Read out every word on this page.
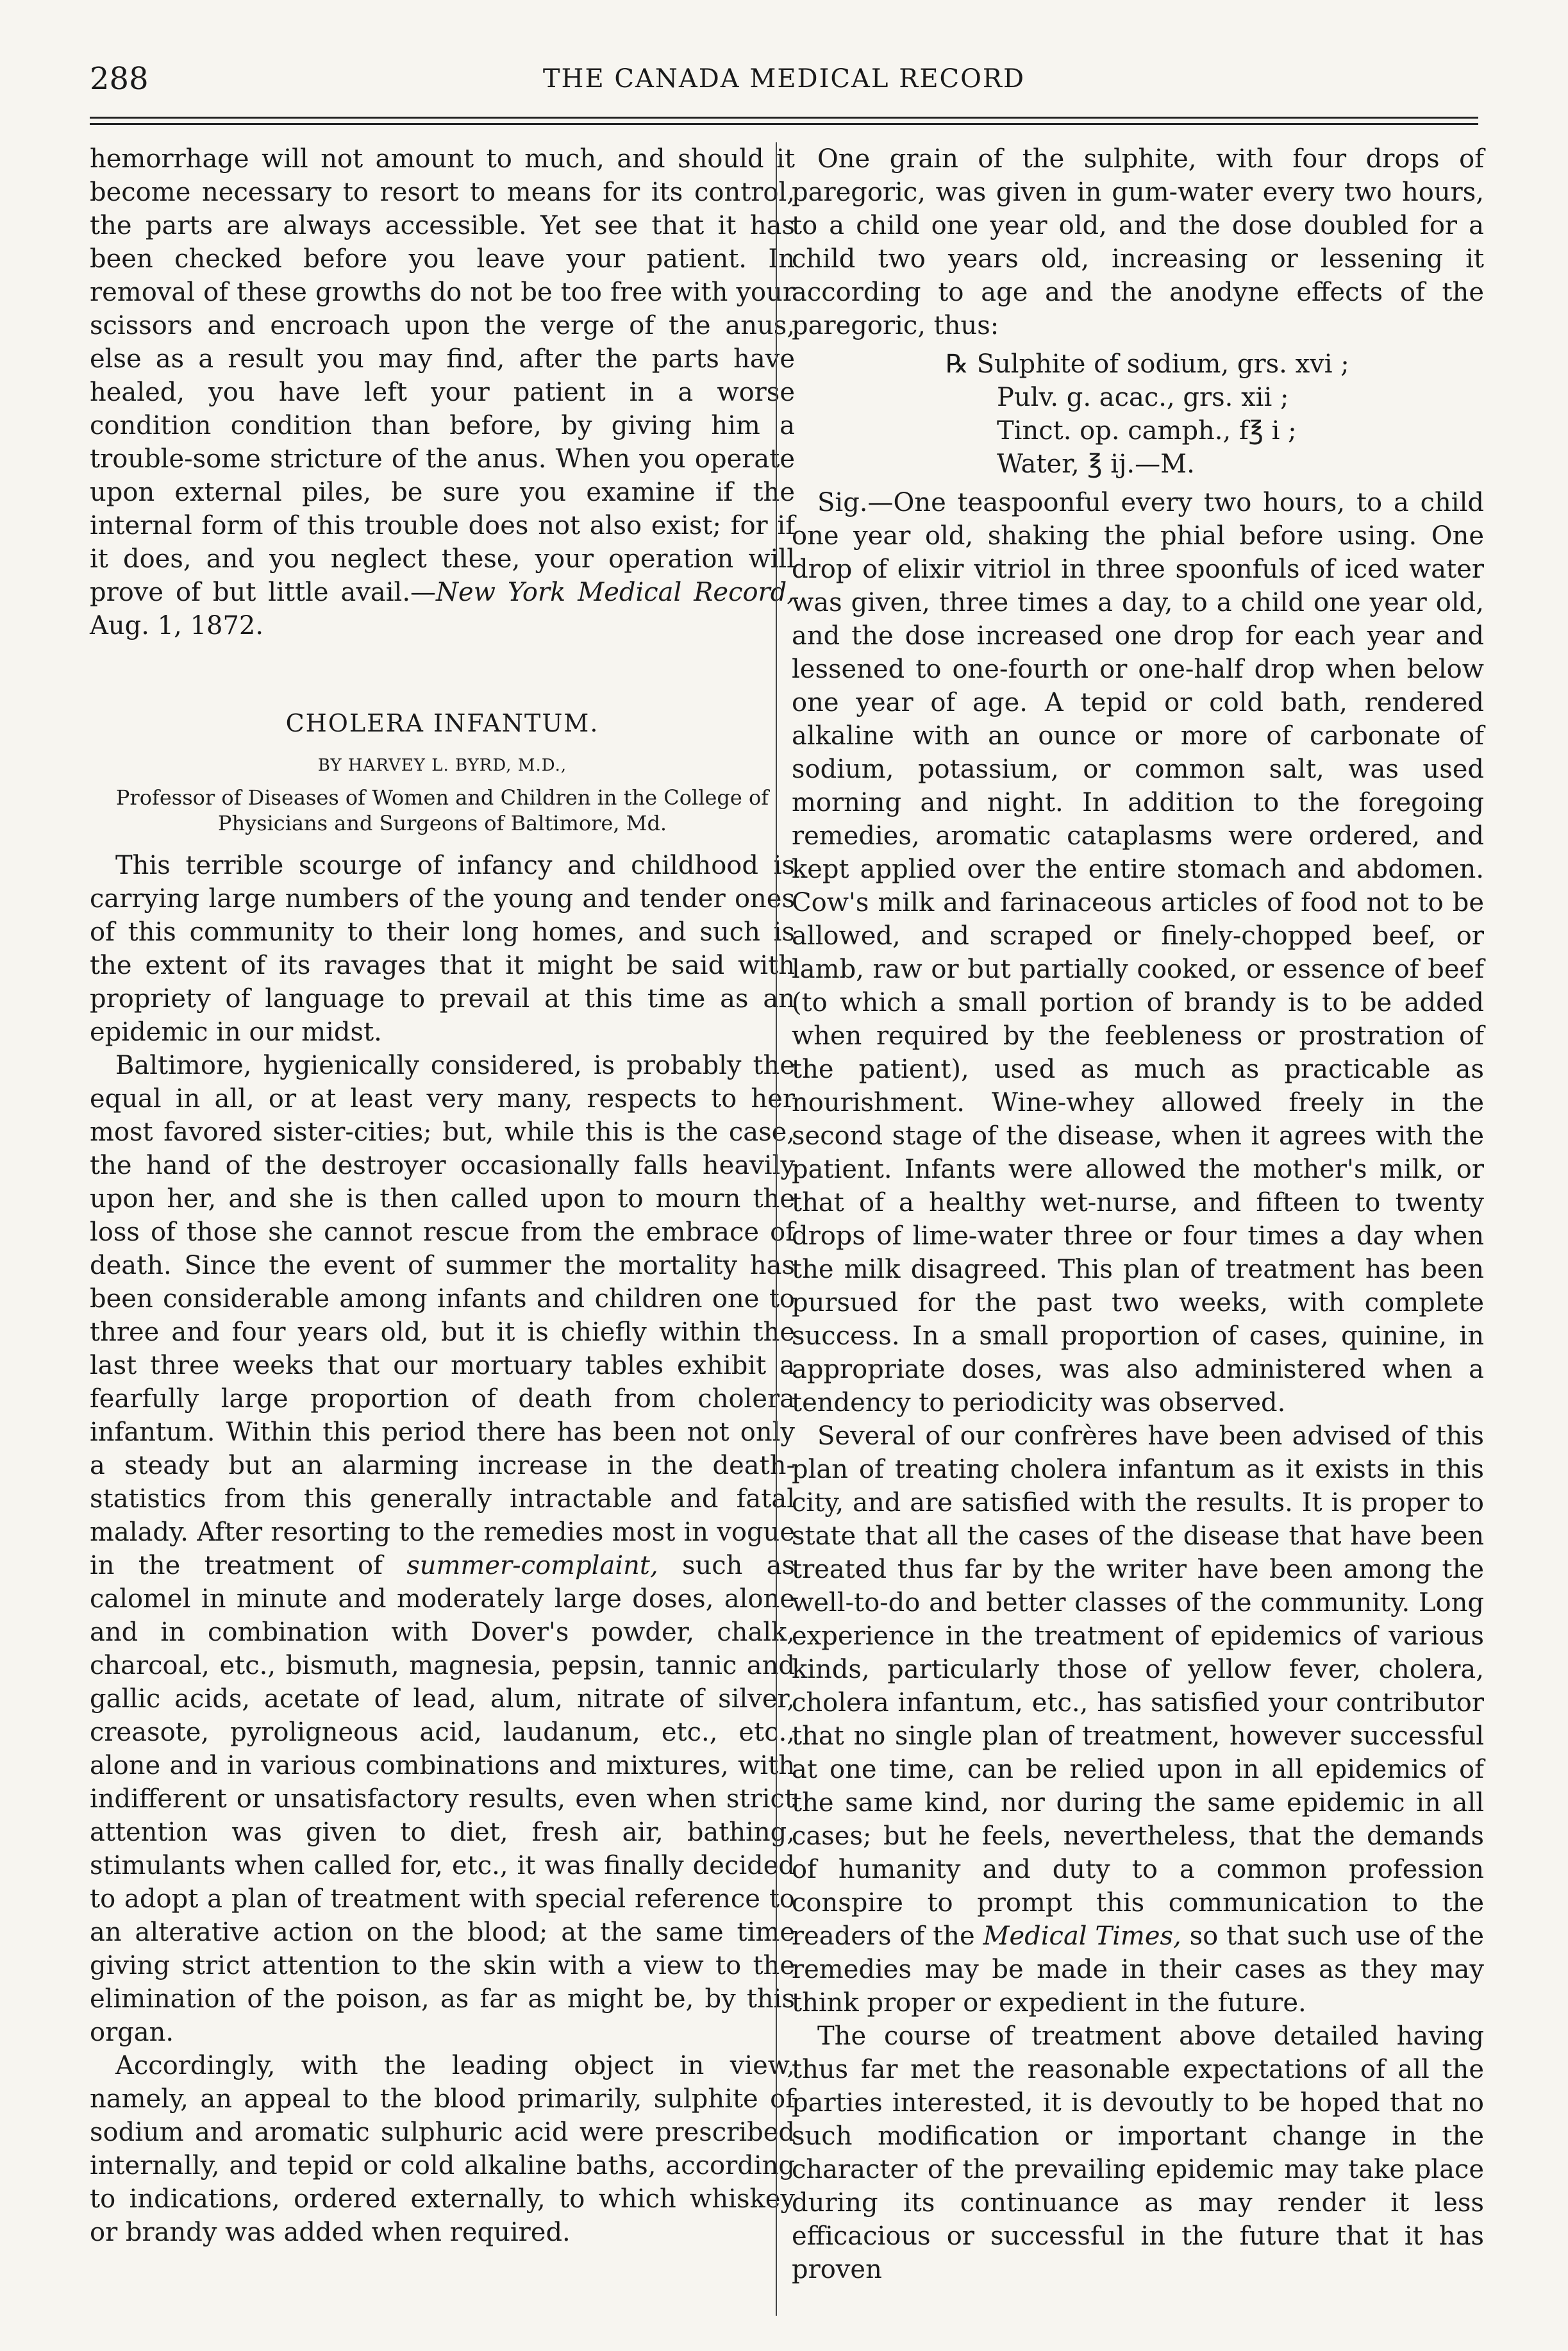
288	THE CANADA MEDICAL RECORD

hemorrhage will not amount to much, and should it become necessary to resort to means for its control, the parts are always accessible. Yet see that it has been checked before you leave your patient. In removal of these growths do not be too free with your scissors and encroach upon the verge of the anus, else as a result you may find, after the parts have healed, you have left your patient in a worse condition condition than before, by giving him a trouble-some stricture of the anus. When you operate upon external piles, be sure you examine if the internal form of this trouble does not also exist; for if it does, and you neglect these, your operation will prove of but little avail.—New York Medical Record, Aug. 1, 1872.

CHOLERA INFANTUM.
BY HARVEY L. BYRD, M.D.,
Professor of Diseases of Women and Children in the College of Physicians and Surgeons of Baltimore, Md.

This terrible scourge of infancy and childhood is carrying large numbers of the young and tender ones of this community to their long homes, and such is the extent of its ravages that it might be said with propriety of language to prevail at this time as an epidemic in our midst.

Baltimore, hygienically considered, is probably the equal in all, or at least very many, respects to her most favored sister-cities; but, while this is the case, the hand of the destroyer occasionally falls heavily upon her, and she is then called upon to mourn the loss of those she cannot rescue from the embrace of death. Since the event of summer the mortality has been considerable among infants and children one to three and four years old, but it is chiefly within the last three weeks that our mortuary tables exhibit a fearfully large proportion of death from cholera infantum. Within this period there has been not only a steady but an alarming increase in the death-statistics from this generally intractable and fatal malady. After resorting to the remedies most in vogue in the treatment of summer-complaint, such as calomel in minute and moderately large doses, alone and in combination with Dover's powder, chalk, charcoal, etc., bismuth, magnesia, pepsin, tannic and gallic acids, acetate of lead, alum, nitrate of silver, creasote, pyroligneous acid, laudanum, etc., etc., alone and in various combinations and mixtures, with indifferent or unsatisfactory results, even when strict attention was given to diet, fresh air, bathing, stimulants when called for, etc., it was finally decided to adopt a plan of treatment with special reference to an alterative action on the blood; at the same time giving strict attention to the skin with a view to the elimination of the poison, as far as might be, by this organ.

Accordingly, with the leading object in view, namely, an appeal to the blood primarily, sulphite of sodium and aromatic sulphuric acid were prescribed internally, and tepid or cold alkaline baths, according to indications, ordered externally, to which whiskey or brandy was added when required.

One grain of the sulphite, with four drops of paregoric, was given in gum-water every two hours, to a child one year old, and the dose doubled for a child two years old, increasing or lessening it according to age and the anodyne effects of the paregoric, thus:

℞ Sulphite of sodium, grs. xvi ;
Pulv. g. acac., grs. xii ;
Tinct. op. camph., f℥ i ;
Water, ℥ ij.—M.

Sig.—One teaspoonful every two hours, to a child one year old, shaking the phial before using. One drop of elixir vitriol in three spoonfuls of iced water was given, three times a day, to a child one year old, and the dose increased one drop for each year and lessened to one-fourth or one-half drop when below one year of age. A tepid or cold bath, rendered alkaline with an ounce or more of carbonate of sodium, potassium, or common salt, was used morning and night. In addition to the foregoing remedies, aromatic cataplasms were ordered, and kept applied over the entire stomach and abdomen. Cow's milk and farinaceous articles of food not to be allowed, and scraped or finely-chopped beef, or lamb, raw or but partially cooked, or essence of beef (to which a small portion of brandy is to be added when required by the feebleness or prostration of the patient), used as much as practicable as nourishment. Wine-whey allowed freely in the second stage of the disease, when it agrees with the patient. Infants were allowed the mother's milk, or that of a healthy wet-nurse, and fifteen to twenty drops of lime-water three or four times a day when the milk disagreed. This plan of treatment has been pursued for the past two weeks, with complete success. In a small proportion of cases, quinine, in appropriate doses, was also administered when a tendency to periodicity was observed.

Several of our confrères have been advised of this plan of treating cholera infantum as it exists in this city, and are satisfied with the results. It is proper to state that all the cases of the disease that have been treated thus far by the writer have been among the well-to-do and better classes of the community. Long experience in the treatment of epidemics of various kinds, particularly those of yellow fever, cholera, cholera infantum, etc., has satisfied your contributor that no single plan of treatment, however successful at one time, can be relied upon in all epidemics of the same kind, nor during the same epidemic in all cases; but he feels, nevertheless, that the demands of humanity and duty to a common profession conspire to prompt this communication to the readers of the Medical Times, so that such use of the remedies may be made in their cases as they may think proper or expedient in the future.

The course of treatment above detailed having thus far met the reasonable expectations of all the parties interested, it is devoutly to be hoped that no such modification or important change in the character of the prevailing epidemic may take place during its continuance as may render it less efficacious or successful in the future that it has proven
